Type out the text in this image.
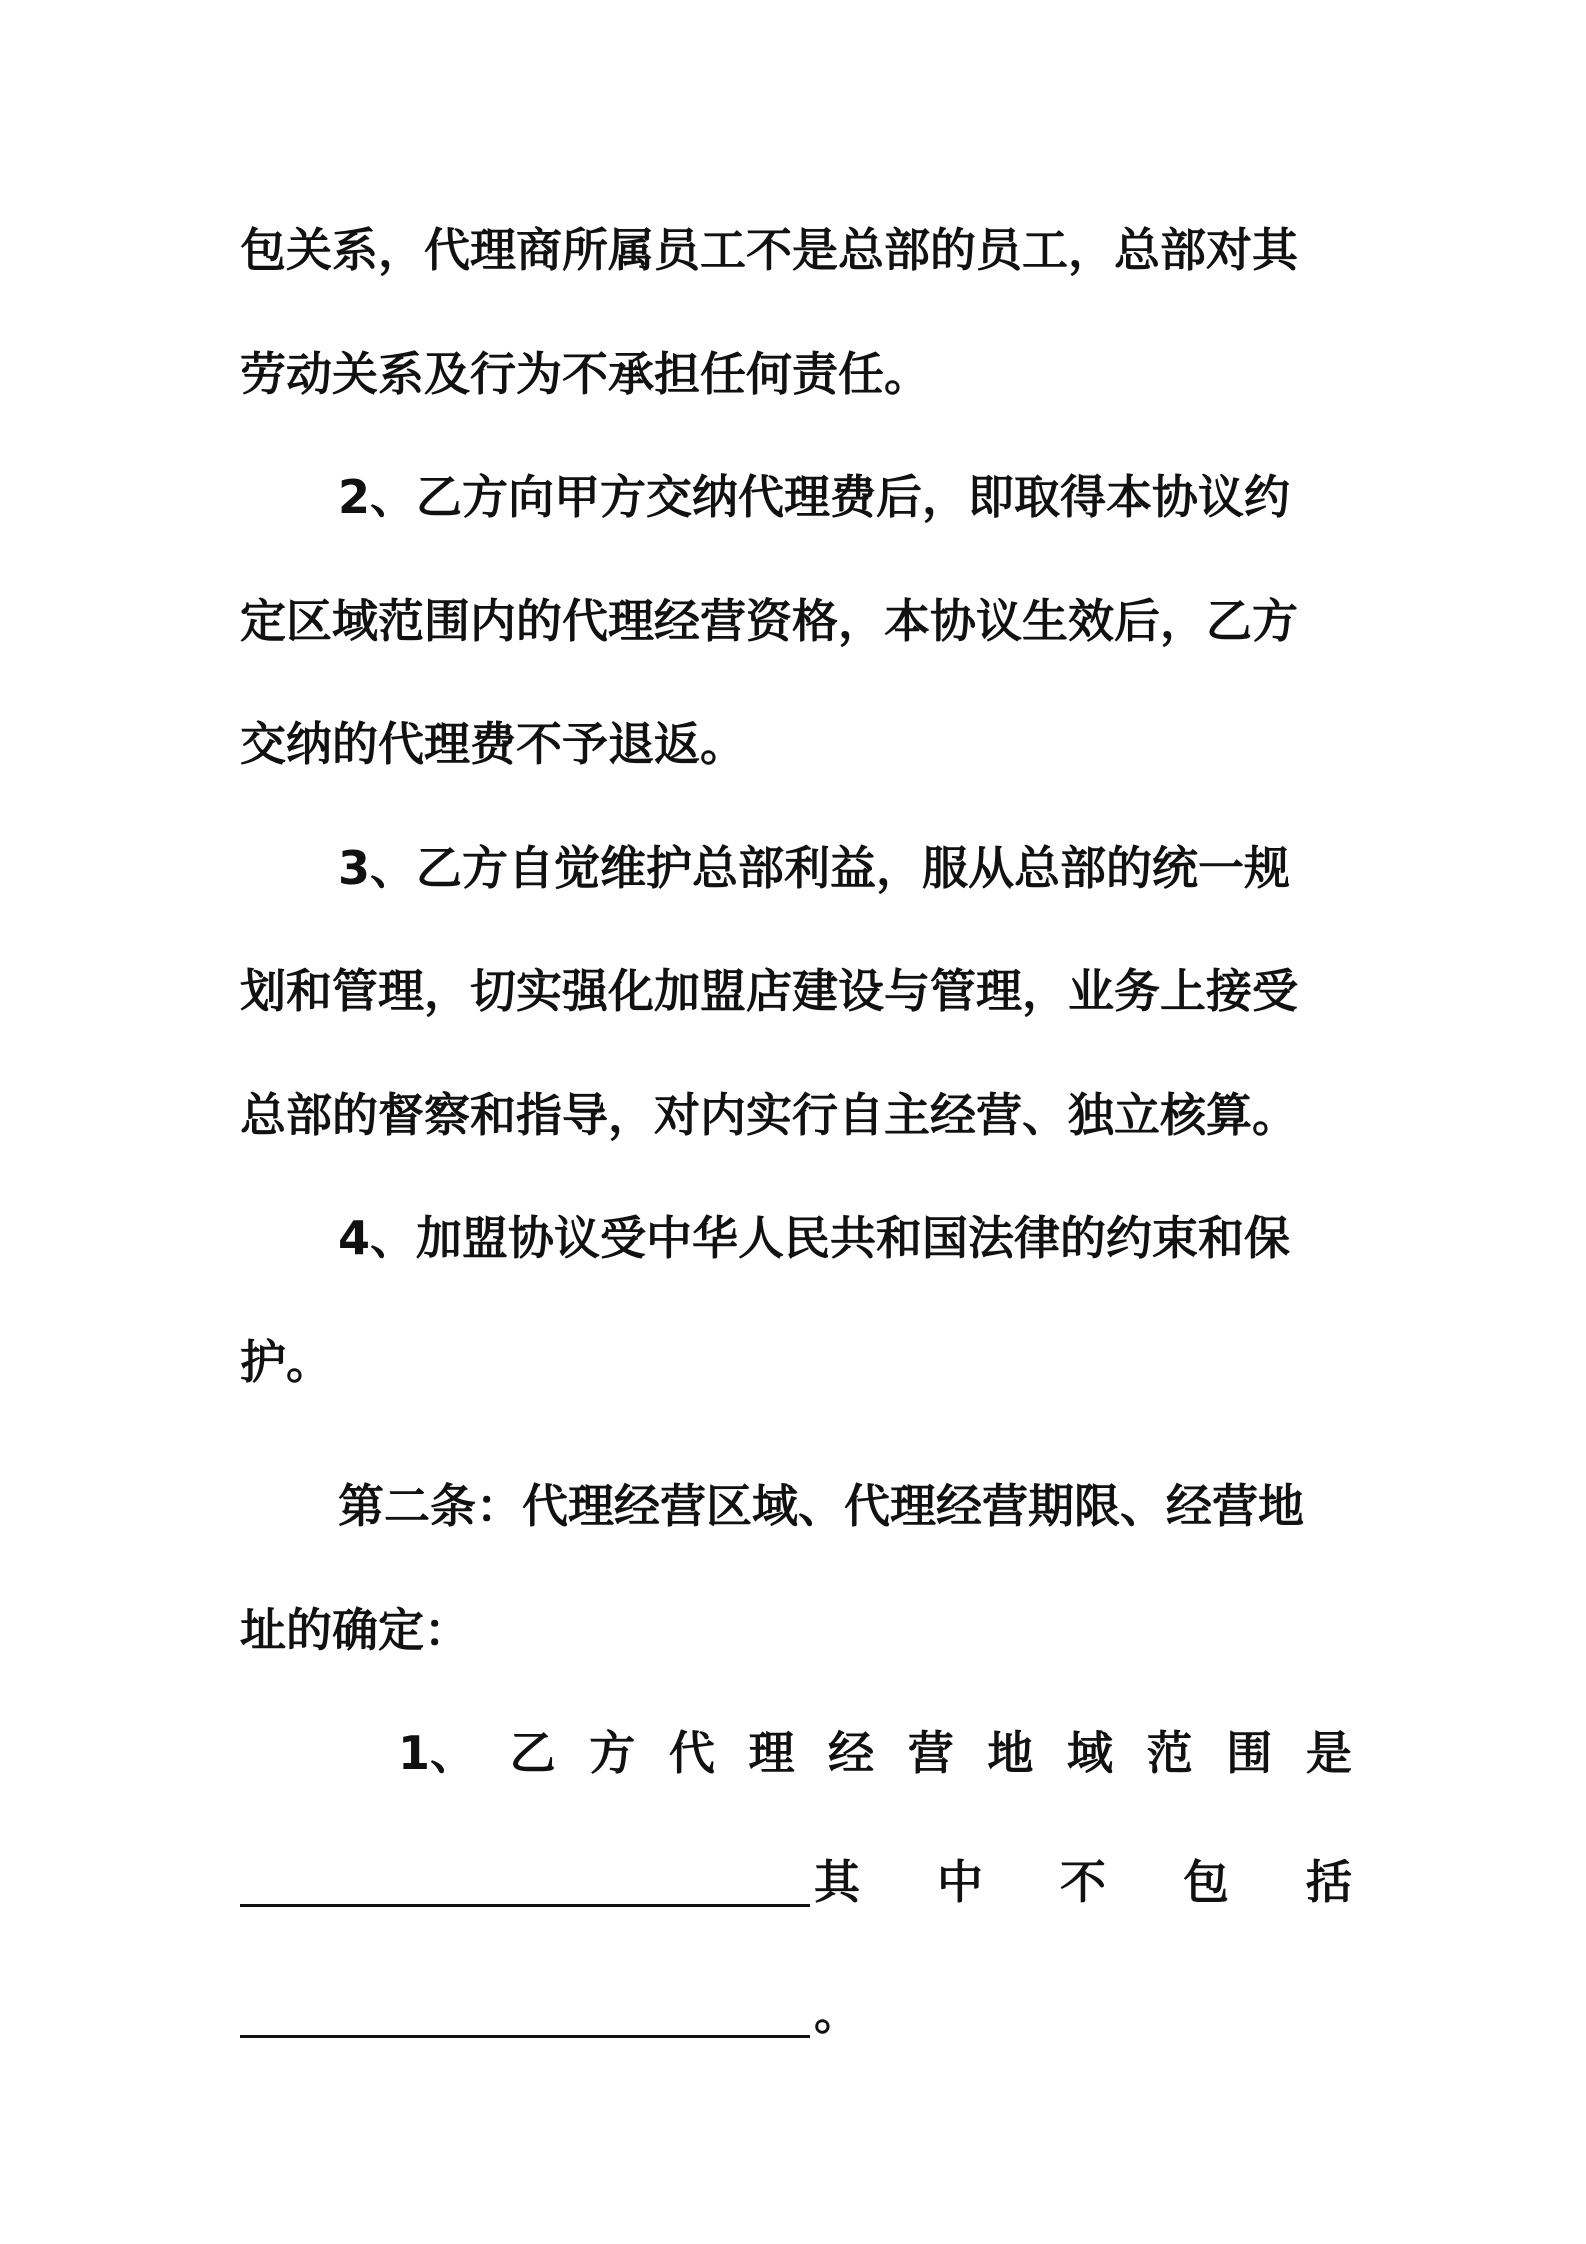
包关系，代理商所属员工不是总部的员工，总部对其
劳动关系及行为不承担任何责任。
2、乙方向甲方交纳代理费后，即取得本协议约
定区域范围内的代理经营资格，本协议生效后，乙方
交纳的代理费不予退返。
3、乙方自觉维护总部利益，服从总部的统一规
划和管理，切实强化加盟店建设与管理，业务上接受
总部的督察和指导，对内实行自主经营、独立核算。
4、加盟协议受中华人民共和国法律的约束和保
护。
第二条：代理经营区域、代理经营期限、经营地
址的确定：
1、 乙 方 代 理 经 营 地 域 范 围 是
其 中 不 包 括
。
